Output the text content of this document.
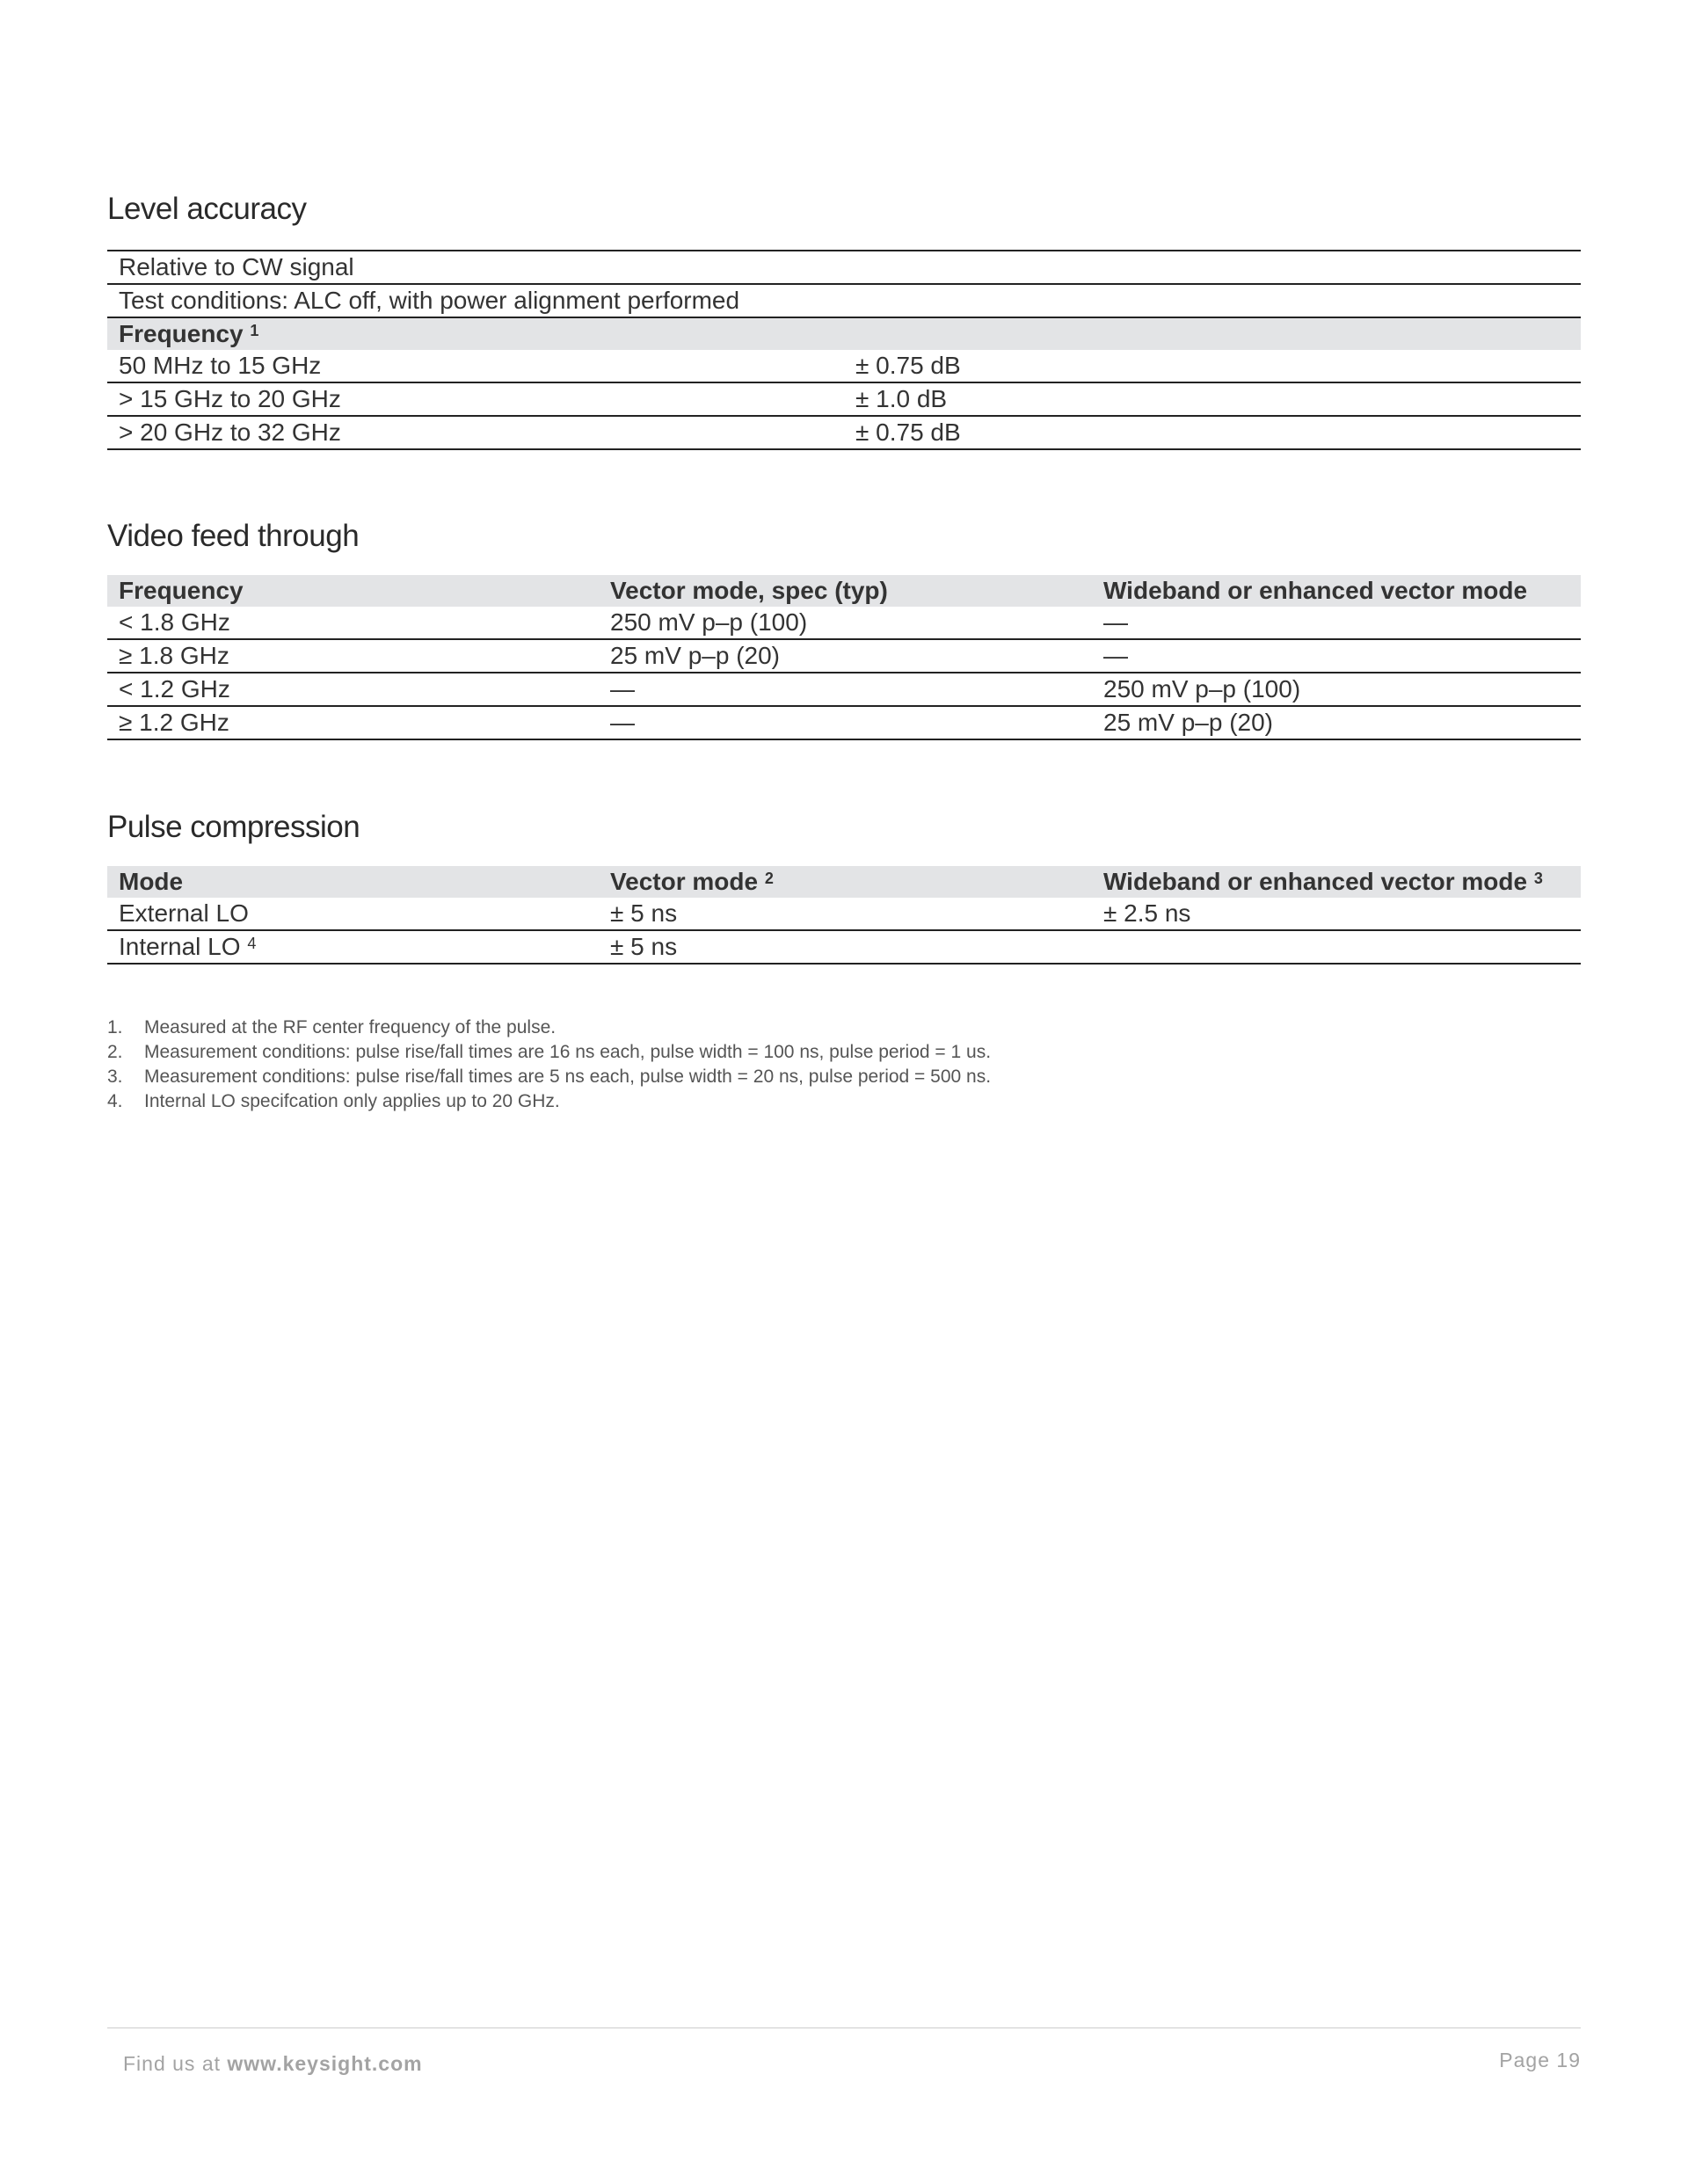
Level accuracy
Relative to CW signal	
Test conditions: ALC off, with power alignment performed	
Frequency $^1$
50 MHz to 15 GHz	± 0.75 dB
> 15 GHz to 20 GHz	± 1.0 dB
> 20 GHz to 32 GHz	± 0.75 dB
Video feed through
Frequency	Vector mode, spec (typ)	Wideband or enhanced vector mode
< 1.8 GHz	250 mV p–p (100)	—
≥ 1.8 GHz	25 mV p–p (20)	—
< 1.2 GHz	—	250 mV p–p (100)
≥ 1.2 GHz	—	25 mV p–p (20)
Pulse compression
Mode	Vector mode $^2$	Wideband or enhanced vector mode $^3$
External LO	± 5 ns	± 2.5 ns
Internal LO $^4$	± 5 ns	
1.	Measured at the RF center frequency of the pulse.
2.	Measurement conditions: pulse rise/fall times are 16 ns each, pulse width = 100 ns, pulse period = 1 us.
3.	Measurement conditions: pulse rise/fall times are 5 ns each, pulse width = 20 ns, pulse period = 500 ns.
4.	Internal LO specifcation only applies up to 20 GHz.
Find us at www.keysight.com	Page 19
